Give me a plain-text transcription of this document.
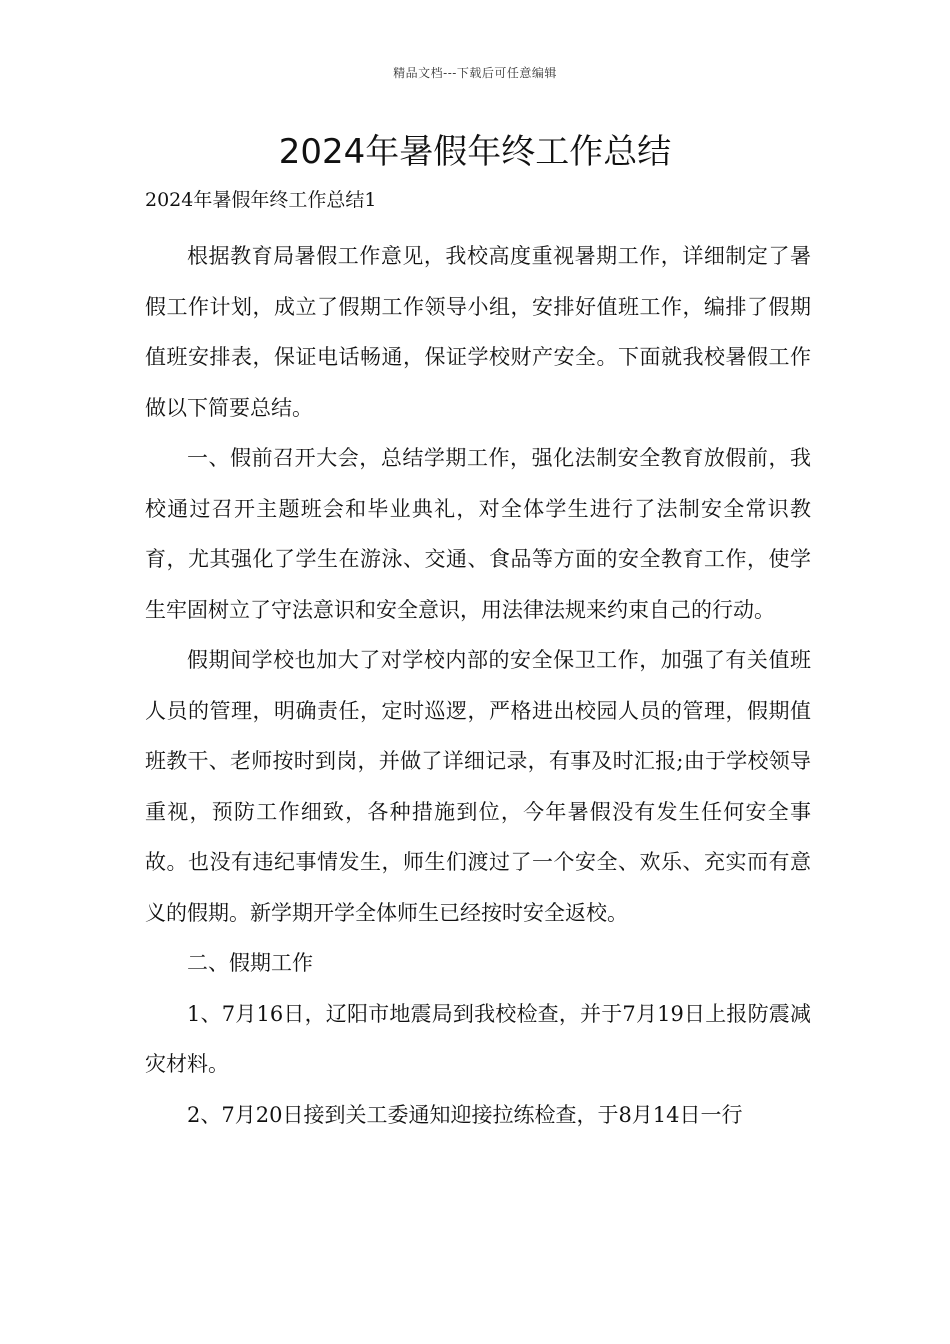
精品文档---下载后可任意编辑
2024年暑假年终工作总结
2024年暑假年终工作总结1

根据教育局暑假工作意见，我校高度重视暑期工作，详细制定了暑假工作计划，成立了假期工作领导小组，安排好值班工作，编排了假期值班安排表，保证电话畅通，保证学校财产安全。下面就我校暑假工作做以下简要总结。

一、假前召开大会，总结学期工作，强化法制安全教育放假前，我校通过召开主题班会和毕业典礼，对全体学生进行了法制安全常识教育，尤其强化了学生在游泳、交通、食品等方面的安全教育工作，使学生牢固树立了守法意识和安全意识，用法律法规来约束自己的行动。

假期间学校也加大了对学校内部的安全保卫工作，加强了有关值班人员的管理，明确责任，定时巡逻，严格进出校园人员的管理，假期值班教干、老师按时到岗，并做了详细记录，有事及时汇报;由于学校领导重视，预防工作细致，各种措施到位，今年暑假没有发生任何安全事故。也没有违纪事情发生，师生们渡过了一个安全、欢乐、充实而有意义的假期。新学期开学全体师生已经按时安全返校。

二、假期工作

1、7月16日，辽阳市地震局到我校检查，并于7月19日上报防震减灾材料。

2、7月20日接到关工委通知迎接拉练检查，于8月14日一行
